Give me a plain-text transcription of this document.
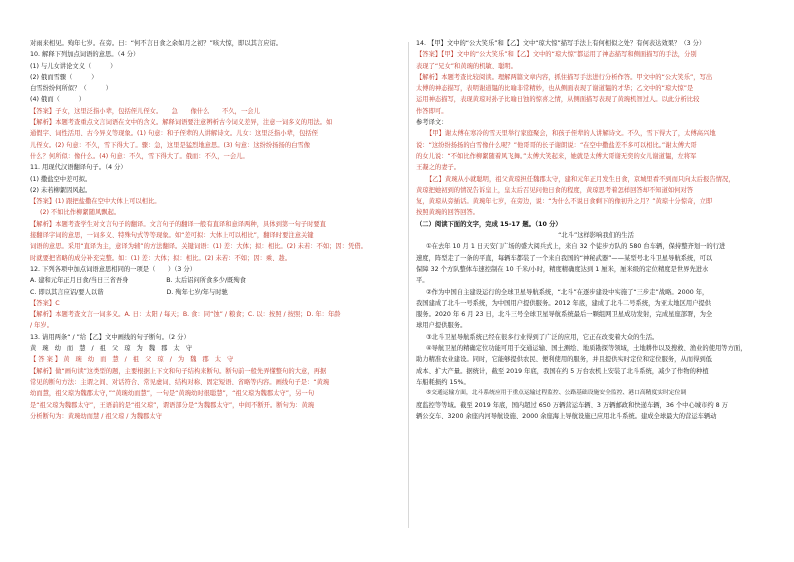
对雨来相见。殉年七岁。在旁。曰：“何不言日食之余如月之初？”咳大惊，即以其言应诏。
10. 解释下列加点词语的意思。（4 分）
(1) 与儿女讲论文义（　　　）
(2) 俄而雪骤（　　　）
白雪纷纷何所似？（　　　）
(4) 俄而（　　　）
【答案】子女，这里泛指小辈，包括侄儿侄女。　　急　　像什么　　不久，一会儿
【解析】本题考查重点文言词语在文中的含义。解释词语要注意辨析古今词义差异，注意一词多义的用法。如
通假字、词性活用、古今异义等现象。(1) 句意：和子侄辈的人讲解诗文。儿女：这里泛指小辈，包括侄
儿侄女。(2) 句意：不久，雪下得大了。骤：急，这里是猛烈地意思。(3) 句意：这纷纷扬扬的白雪像
什么？何所似：像什么。(4) 句意：不久，雪下得大了。俄而：不久，一会儿。
11. 用现代汉语翻译句子。（4 分）
(1) 撒盐空中差可拟。
(2) 未若柳絮因风起。
【答案】(1) 跟把盐撒在空中大体上可以相比。
(2) 不如比作柳絮随风飘起。
【解析】本题考查学生对文言句子的翻译。文言句子的翻译一般有直译和意译两种，具体到第一句子时要直
接翻译字词的意思，一词多义、特殊句式等等现象。如“差可拟：大体上可以相比”，翻译时要注意关键
词语的意思。采用“直译为主，意译为辅”的方法翻译。关键词语：(1) 差：大体；拟：相比。(2) 未若：不如；因：凭借。
时就要把省略的成分补充完整。如：(1) 差：大体；拟：相比。(2) 未若：不如；因：乘、趁。
12. 下列各项中加点词语意思相同的一项是（　　）（3 分）
A. 建和元年正月日食/当日三省吾身　　　　　　B. 太后诏问所食多少/既殉食
C. 即以其言应诏/要人以谐　　　　　　　　　　D. 殉年七岁/年与时驰
【答案】C
【解析】本题考查文言一词多义。A. 日：太阳 / 每天；B. 食：同“蚀” / 粮食；C. 以：按照 / 按照；D. 年：年龄
/ 年岁。
13. 请用两条“ / ”给【乙】文中画线的句子断句。（2 分）
黄 琬 幼 而 慧 / 祖 父 琼 为 魏 郡 太 守
【答案】黄 琬 幼 而 慧 / 祖 父 琼 / 为 魏 郡 太 守
【解析】做“画句读”这类型的题，主要根据上下文和句子结构来断句。断句前一般先弄懂整句的大意，再据
常见的断句方法：主谓之间、对话符合、常见虚词、结构对称、固定短语、省略等内容。画线句子是：“黄琬
幼而慧，祖父琼为魏郡太守，”“黄琬幼而慧”，一句是“黄琬幼时很聪慧”，“祖父琼为魏郡太守”，另一句
是“祖父琼为魏郡太守”，王语前的是“祖父琼”，谓语部分是“为魏郡太守”，中间不断开。断句为：黄琬
分析断句为：黄琬幼而慧 / 祖父琼 / 为魏郡太守
14. 【甲】文中的“公大笑乐”和【乙】文中“琼大惊”描写手法上有何相似之处？有何表达效果？（3 分）
【答案】【甲】文中的“公大笑乐”和【乙】文中的“琼大惊”都运用了神态描写和侧面描写的手法，分别
表现了“兄女”和黄琬的机敏、聪明。
【解析】本题考查比较阅读。理解两篇文章内容，抓住描写手法进行分析作答。甲文中的“公大笑乐”，写出
太傅的神态描写，表明谢道韫的比喻非常精妙，也从侧面表现了谢道韫的才华；乙文中的“琼大惊”是
运用神态描写，表现黄琼对孙子比喻日蚀的惊喜之情，从侧面描写表现了黄琬机智过人。以此分析比较
作答即可。
参考译文：
【甲】谢太傅在寒冷的雪天里举行家庭聚会，和孩子侄辈的人讲解诗文。不久，雪下得大了，太傅高兴地
说：“这纷纷扬扬的白雪像什么呢？”他哥哥的长子谢朗说：“在空中撒盐差不多可以相比。”谢太傅大哥
的女儿说：“不如比作柳絮随着风飞舞。”太傅大笑起来，她就是太傅大哥谢无奕的女儿谢道韫，左将军
王凝之的妻子。
【乙】黄琬从小就聪明，祖父黄琼担任魏郡太守，建和元年正月发生日食，京城里看不到而只向太后报告情况，
黄琼把她初到的情况告诉皇上，皇太后召见问他日食的程度，黄琼思考着怎样回答却不知道如何对答
复，黄琼从旁插话。黄琬年七岁，在旁边，说：“为什么不说日食剩下的像初升之月？”黄琼十分惊奇，立即
按照黄琬的回答回答。
（二）阅读下面的文字，完成 15-17 题。（10 分）
“北斗”这样影响我们的生活
①在去年 10 月 1 日天安门广场的盛大阅兵式上，来自 32 个徒步方队的 580 台车辆，保持整齐划一的行进
速度，阵型走了一条的平直，每辆车都装了一个来自我国的“神秘武器”——某型号北斗卫星导航系统，可以
保障 32 个方队整体车速控制在 10 千米/小时，精度精确度达到 1 厘米，厘米级的定位精度是世界先进水
平。
②作为中国自主建设运行的全球卫星导航系统，“北斗”在逐步建设中实施了“三步走”战略。2000 年，
我国建成了北斗一号系统，为中国用户提供服务。2012 年底，建成了北斗二号系统，为亚太地区用户提供
服务。2020 年 6 月 23 日，北斗三号全球卫星导航系统最后一颗组网卫星成功发射，完成星座部署，为全
球用户提供服务。
③北斗卫星导航系统已经在很多行业得到了广泛的应用，它正在改变着大众的生活。
④导航卫星的精确定位功能可用于交通运输、国土测绘、地质勘探等领域，土地耕作以及搜救、渔业的使用等方面，
助力精准农业建设。同时，它能够提供农民、便利使用的服务，并且提供实时定位和定位服务，从而得到低
成本、扩大产量。据统计，截至 2019 年底，我国在约 5 万台农机上安装了北斗系统，减少了作物的种植
车船耗损约 15%。
⑤交通运输方面，北斗系统应用于重点运输过程监控、公路基础设施安全监控、港口高精度实时定位调
度监控等等域。截至 2019 年底，国内超过 650 万辆营运车辆、3 万辆邮政和快递车辆，36 个中心城市约 8 万
辆公交车、3200 余座内河导航设施、2000 余座海上导航设施已应用北斗系统。建成全球最大的营运车辆动
